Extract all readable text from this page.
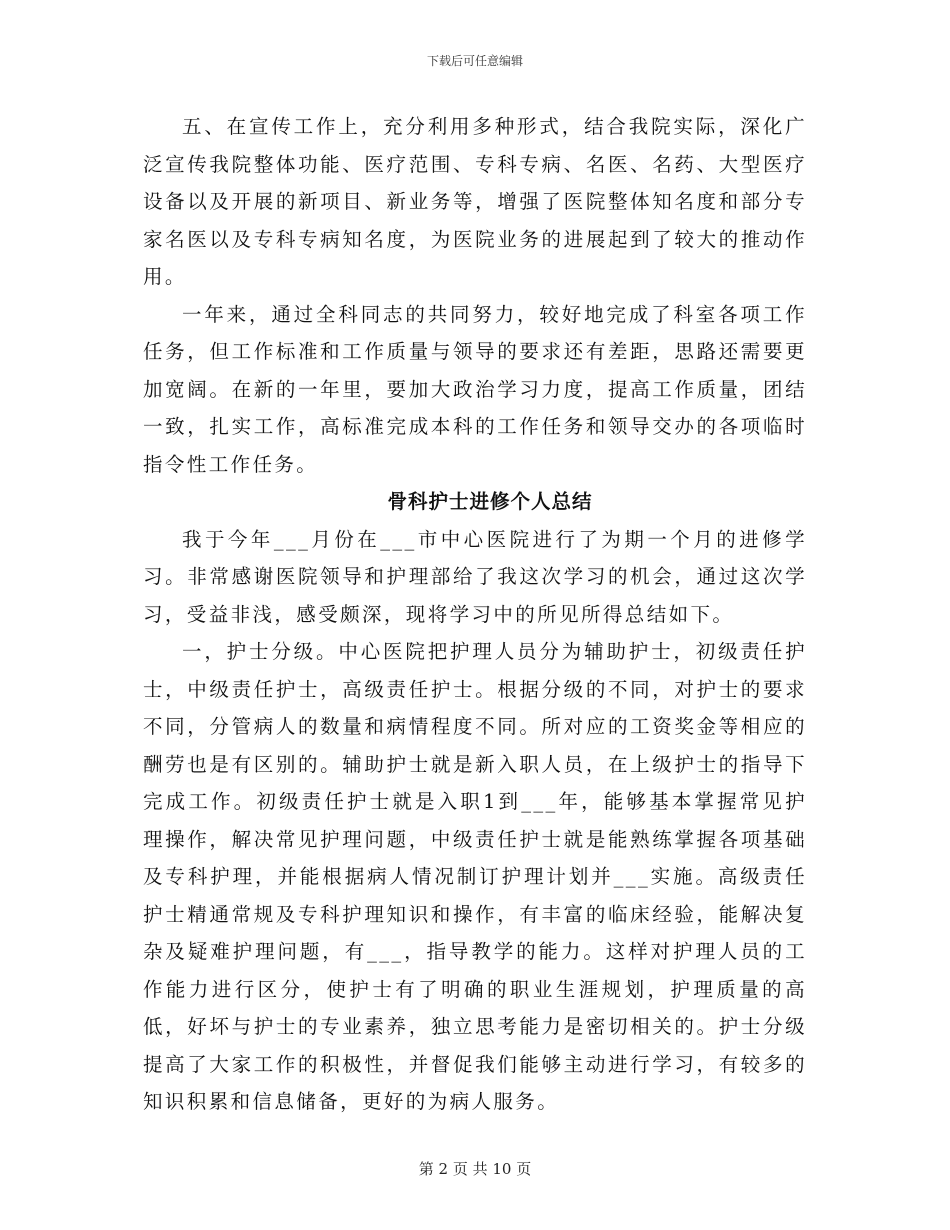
下载后可任意编辑

五、在宣传工作上，充分利用多种形式，结合我院实际，深化广泛宣传我院整体功能、医疗范围、专科专病、名医、名药、大型医疗设备以及开展的新项目、新业务等，增强了医院整体知名度和部分专家名医以及专科专病知名度，为医院业务的进展起到了较大的推动作用。

一年来，通过全科同志的共同努力，较好地完成了科室各项工作任务，但工作标准和工作质量与领导的要求还有差距，思路还需要更加宽阔。在新的一年里，要加大政治学习力度，提高工作质量，团结一致，扎实工作，高标准完成本科的工作任务和领导交办的各项临时指令性工作任务。

骨科护士进修个人总结

我于今年___月份在___市中心医院进行了为期一个月的进修学习。非常感谢医院领导和护理部给了我这次学习的机会，通过这次学习，受益非浅，感受颇深，现将学习中的所见所得总结如下。

一，护士分级。中心医院把护理人员分为辅助护士，初级责任护士，中级责任护士，高级责任护士。根据分级的不同，对护士的要求不同，分管病人的数量和病情程度不同。所对应的工资奖金等相应的酬劳也是有区别的。辅助护士就是新入职人员，在上级护士的指导下完成工作。初级责任护士就是入职1到___年，能够基本掌握常见护理操作，解决常见护理问题，中级责任护士就是能熟练掌握各项基础及专科护理，并能根据病人情况制订护理计划并___实施。高级责任护士精通常规及专科护理知识和操作，有丰富的临床经验，能解决复杂及疑难护理问题，有___，指导教学的能力。这样对护理人员的工作能力进行区分，使护士有了明确的职业生涯规划，护理质量的高低，好坏与护士的专业素养，独立思考能力是密切相关的。护士分级提高了大家工作的积极性，并督促我们能够主动进行学习，有较多的知识积累和信息储备，更好的为病人服务。

第 2 页 共 10 页
